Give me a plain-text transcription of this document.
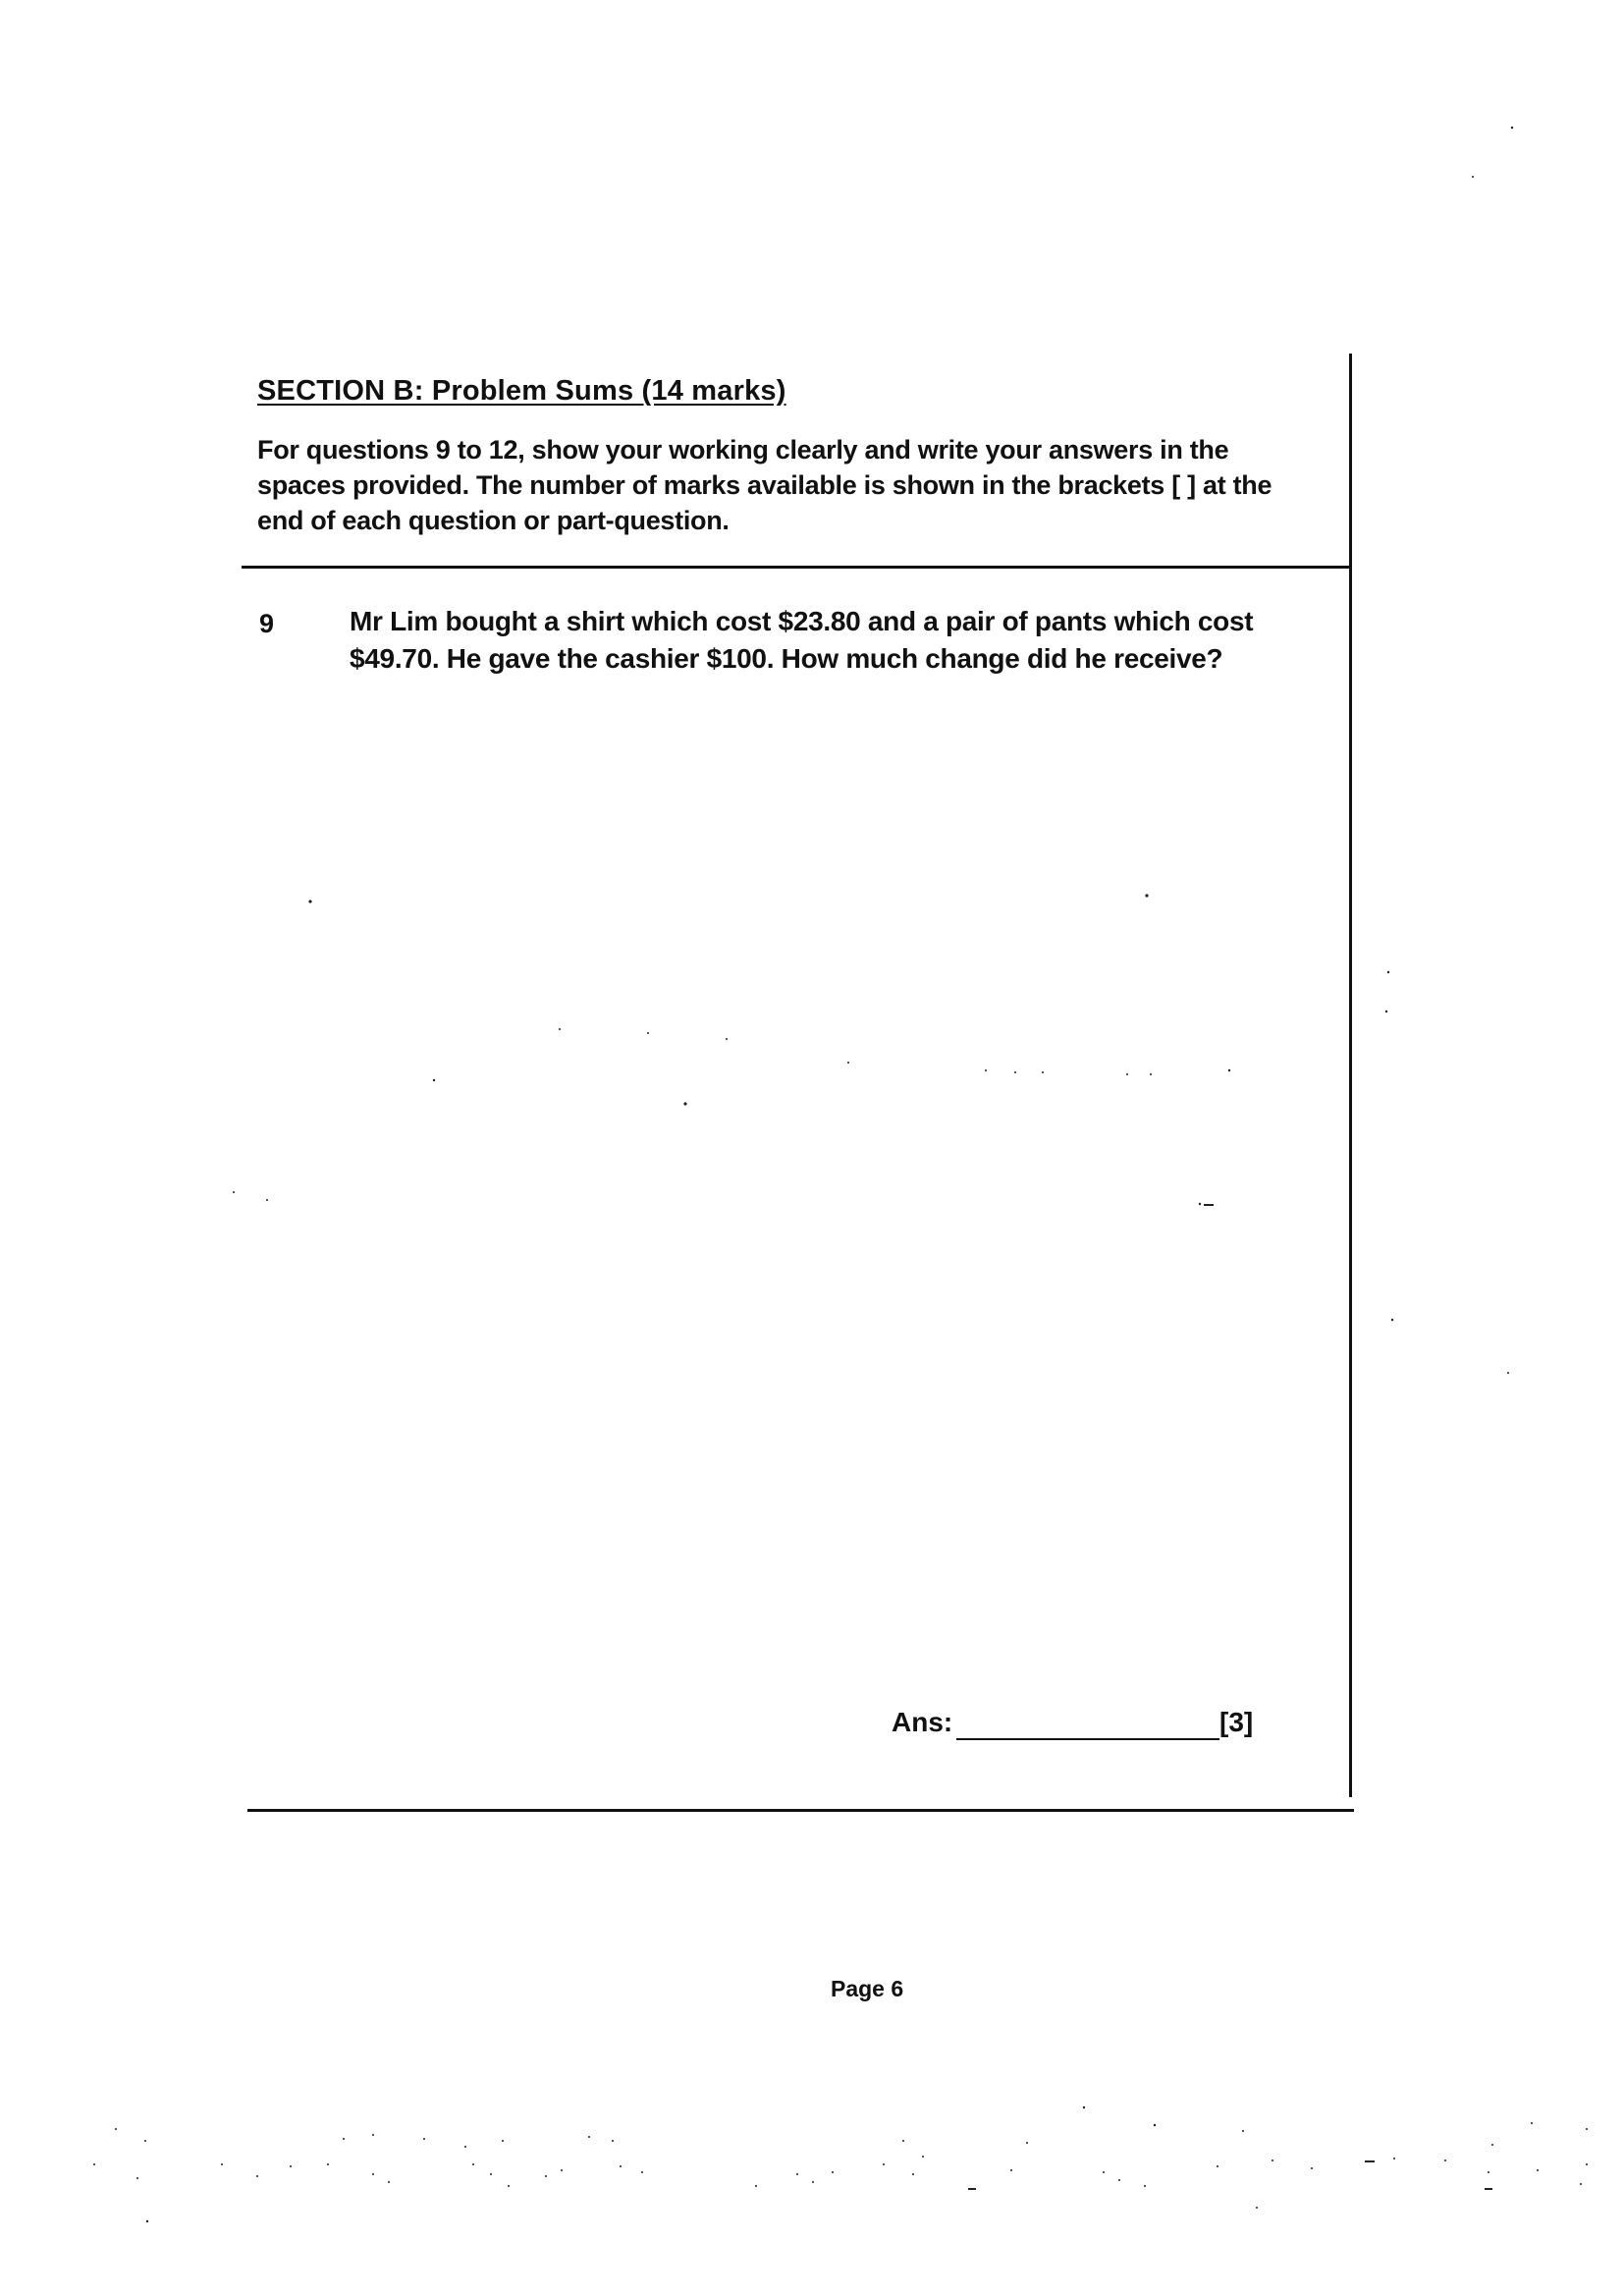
SECTION B: Problem Sums (14 marks)
For questions 9 to 12, show your working clearly and write your answers in the spaces provided. The number of marks available is shown in the brackets [ ] at the end of each question or part-question.
9	Mr Lim bought a shirt which cost $23.80 and a pair of pants which cost $49.70. He gave the cashier $100. How much change did he receive?
Ans:	[3]
Page 6
